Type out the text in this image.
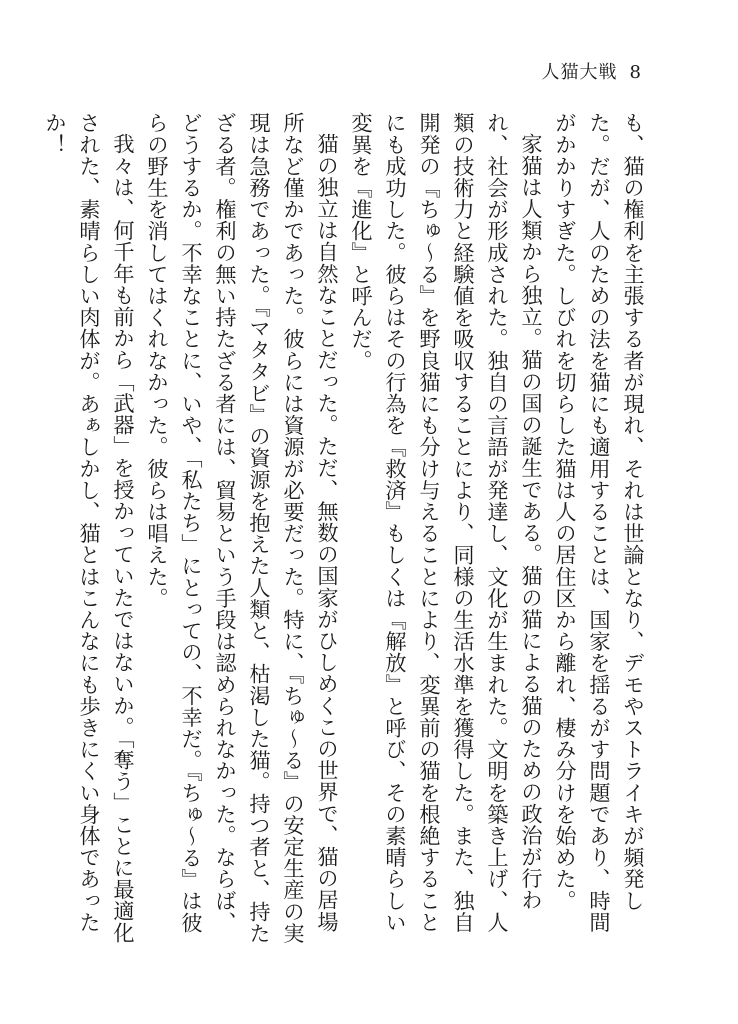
人猫大戦 8

も、猫の権利を主張する者が現れ、それは世論となり、デモやストライキが頻発した。だが、人のための法を猫にも適用することは、国家を揺るがす問題であり、時間がかかりすぎた。しびれを切らした猫は人の居住区から離れ、棲み分けを始めた。

家猫は人類から独立。猫の国の誕生である。猫の猫による猫のための政治が行われ、社会が形成された。独自の言語が発達し、文化が生まれた。文明を築き上げ、人類の技術力と経験値を吸収することにより、同様の生活水準を獲得した。また、独自開発の『ちゅ〜る』を野良猫にも分け与えることにより、変異前の猫を根絶することにも成功した。彼らはその行為を『救済』もしくは『解放』と呼び、その素晴らしい変異を『進化』と呼んだ。

猫の独立は自然なことだった。ただ、無数の国家がひしめくこの世界で、猫の居場所など僅かであった。彼らには資源が必要だった。特に、『ちゅ〜る』の安定生産の実現は急務であった。『マタタビ』の資源を抱えた人類と、枯渇した猫。持つ者と、持たざる者。権利の無い持たざる者には、貿易という手段は認められなかった。ならば、どうするか。不幸なことに、いや、「私たち」にとっての、不幸だ。『ちゅ〜る』は彼らの野生を消してはくれなかった。彼らは唱えた。

我々は、何千年も前から「武器」を授かっていたではないか。「奪う」ことに最適化された、素晴らしい肉体が。あぁしかし、猫とはこんなにも歩きにくい身体であったか！
